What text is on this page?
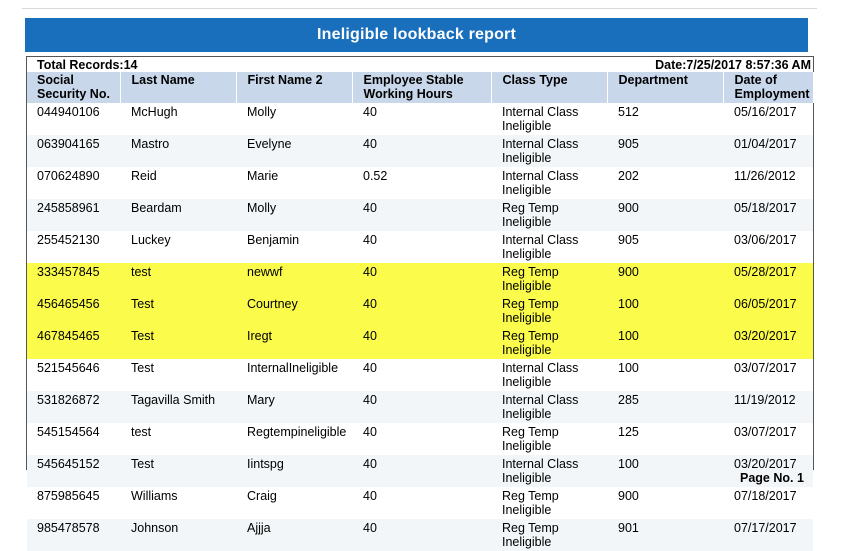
Ineligible lookback report
Total Records:14	Date:7/25/2017 8:57:36 AM
Social Security No.	Last Name	First Name 2	Employee Stable Working Hours	Class Type	Department	Date of Employment
044940106	McHugh	Molly	40	Internal Class Ineligible	512	05/16/2017
063904165	Mastro	Evelyne	40	Internal Class Ineligible	905	01/04/2017
070624890	Reid	Marie	0.52	Internal Class Ineligible	202	11/26/2012
245858961	Beardam	Molly	40	Reg Temp Ineligible	900	05/18/2017
255452130	Luckey	Benjamin	40	Internal Class Ineligible	905	03/06/2017
333457845	test	newwf	40	Reg Temp Ineligible	900	05/28/2017
456465456	Test	Courtney	40	Reg Temp Ineligible	100	06/05/2017
467845465	Test	Iregt	40	Reg Temp Ineligible	100	03/20/2017
521545646	Test	InternalIneligible	40	Internal Class Ineligible	100	03/07/2017
531826872	Tagavilla Smith	Mary	40	Internal Class Ineligible	285	11/19/2012
545154564	test	Regtempineligible	40	Reg Temp Ineligible	125	03/07/2017
545645152	Test	Iintspg	40	Internal Class Ineligible	100	03/20/2017
875985645	Williams	Craig	40	Reg Temp Ineligible	900	07/18/2017
985478578	Johnson	Ajjja	40	Reg Temp Ineligible	901	07/17/2017
Page No. 1
